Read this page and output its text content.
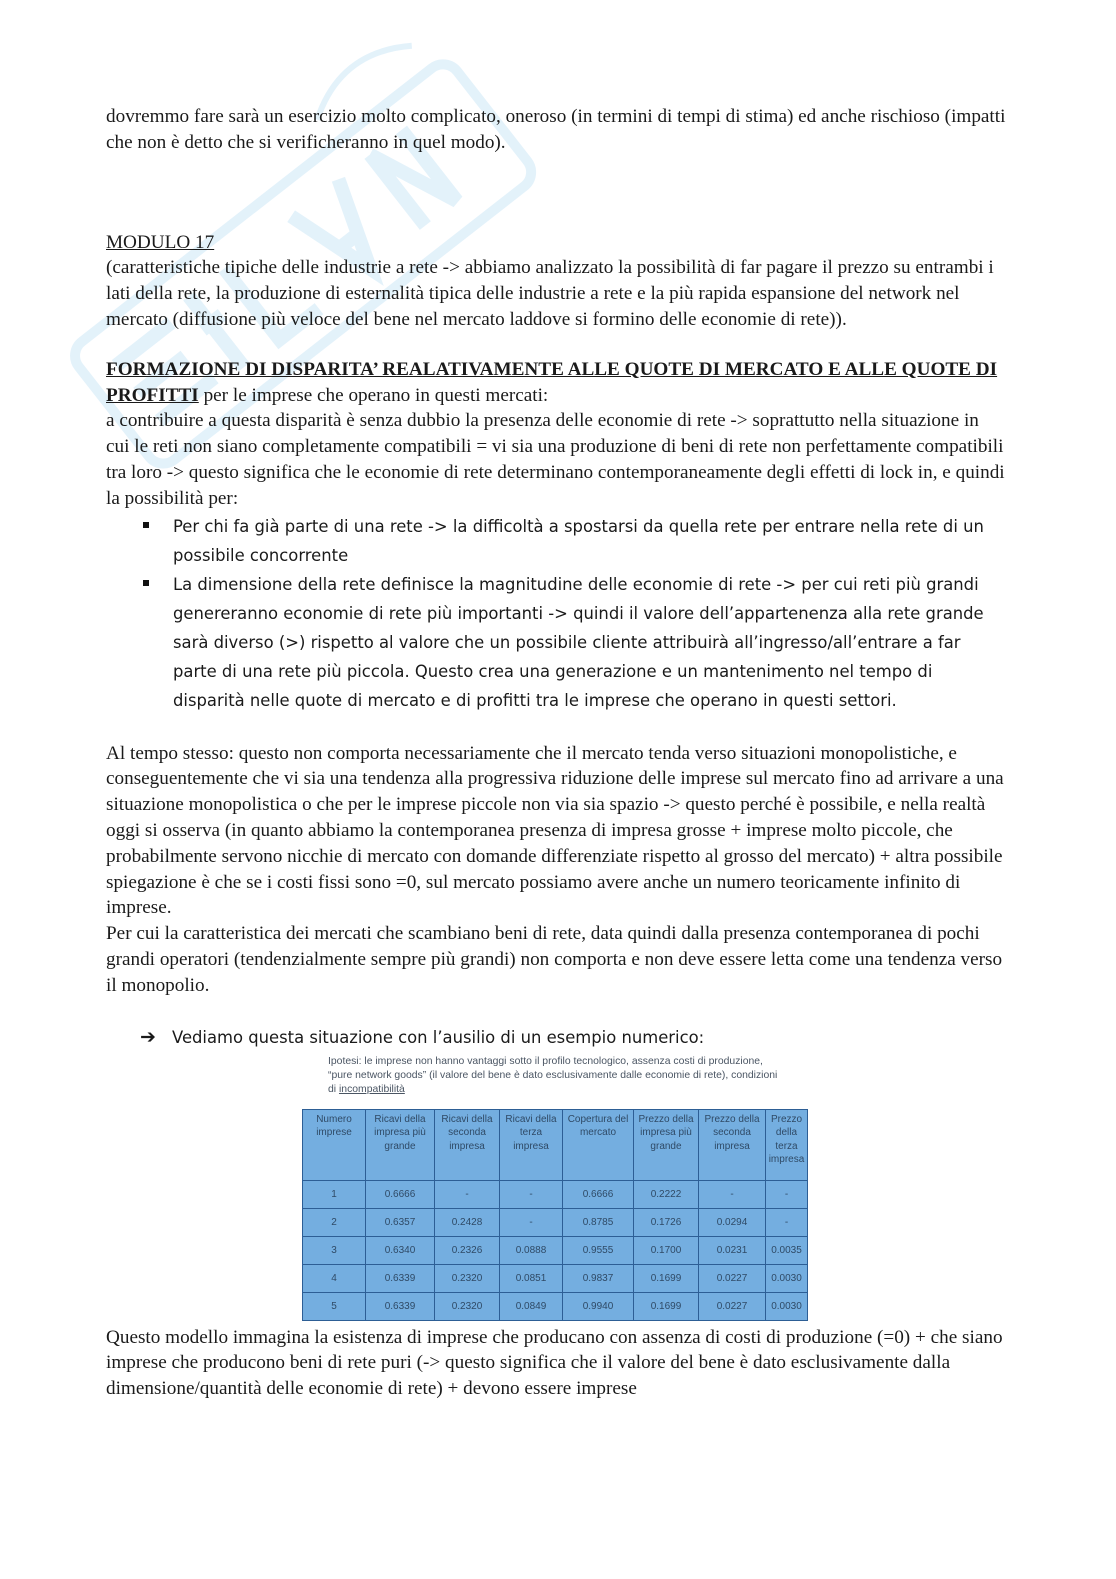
dovremmo fare sarà un esercizio molto complicato, oneroso (in termini di tempi di stima) ed anche rischioso (impatti che non è detto che si verificheranno in quel modo).

MODULO 17

(caratteristiche tipiche delle industrie a rete -> abbiamo analizzato la possibilità di far pagare il prezzo su entrambi i lati della rete, la produzione di esternalità tipica delle industrie a rete e la più rapida espansione del network nel mercato (diffusione più veloce del bene nel mercato laddove si formino delle economie di rete)).

FORMAZIONE DI DISPARITA’ REALATIVAMENTE ALLE QUOTE DI MERCATO E ALLE QUOTE DI PROFITTI per le imprese che operano in questi mercati:

a contribuire a questa disparità è senza dubbio la presenza delle economie di rete -> soprattutto nella situazione in cui le reti non siano completamente compatibili = vi sia una produzione di beni di rete non perfettamente compatibili tra loro -> questo significa che le economie di rete determinano contemporaneamente degli effetti di lock in, e quindi la possibilità per:

Per chi fa già parte di una rete -> la difficoltà a spostarsi da quella rete per entrare nella rete di un possibile concorrente
La dimensione della rete definisce la magnitudine delle economie di rete -> per cui reti più grandi genereranno economie di rete più importanti -> quindi il valore dell’appartenenza alla rete grande sarà diverso (>) rispetto al valore che un possibile cliente attribuirà all’ingresso/all’entrare a far parte di una rete più piccola. Questo crea una generazione e un mantenimento nel tempo di disparità nelle quote di mercato e di profitti tra le imprese che operano in questi settori.

Al tempo stesso: questo non comporta necessariamente che il mercato tenda verso situazioni monopolistiche, e conseguentemente che vi sia una tendenza alla progressiva riduzione delle imprese sul mercato fino ad arrivare a una situazione monopolistica o che per le imprese piccole non via sia spazio -> questo perché è possibile, e nella realtà oggi si osserva (in quanto abbiamo la contemporanea presenza di impresa grosse + imprese molto piccole, che probabilmente servono nicchie di mercato con domande differenziate rispetto al grosso del mercato) + altra possibile spiegazione è che se i costi fissi sono =0, sul mercato possiamo avere anche un numero teoricamente infinito di imprese.

Per cui la caratteristica dei mercati che scambiano beni di rete, data quindi dalla presenza contemporanea di pochi grandi operatori (tendenzialmente sempre più grandi) non comporta e non deve essere letta come una tendenza verso il monopolio.

➔ Vediamo questa situazione con l’ausilio di un esempio numerico:
Ipotesi: le imprese non hanno vantaggi sotto il profilo tecnologico, assenza costi di produzione, “pure network goods” (il valore del bene è dato esclusivamente dalle economie di rete), condizioni di incompatibilità
Numero imprese	Ricavi della impresa più grande	Ricavi della seconda impresa	Ricavi della terza impresa	Copertura del mercato	Prezzo della impresa più grande	Prezzo della seconda impresa	Prezzo della terza impresa
1	0.6666	-	-	0.6666	0.2222	-	-
2	0.6357	0.2428	-	0.8785	0.1726	0.0294	-
3	0.6340	0.2326	0.0888	0.9555	0.1700	0.0231	0.0035
4	0.6339	0.2320	0.0851	0.9837	0.1699	0.0227	0.0030
5	0.6339	0.2320	0.0849	0.9940	0.1699	0.0227	0.0030

Questo modello immagina la esistenza di imprese che producano con assenza di costi di produzione (=0) + che siano imprese che producono beni di rete puri (-> questo significa che il valore del bene è dato esclusivamente dalla dimensione/quantità delle economie di rete) + devono essere imprese
